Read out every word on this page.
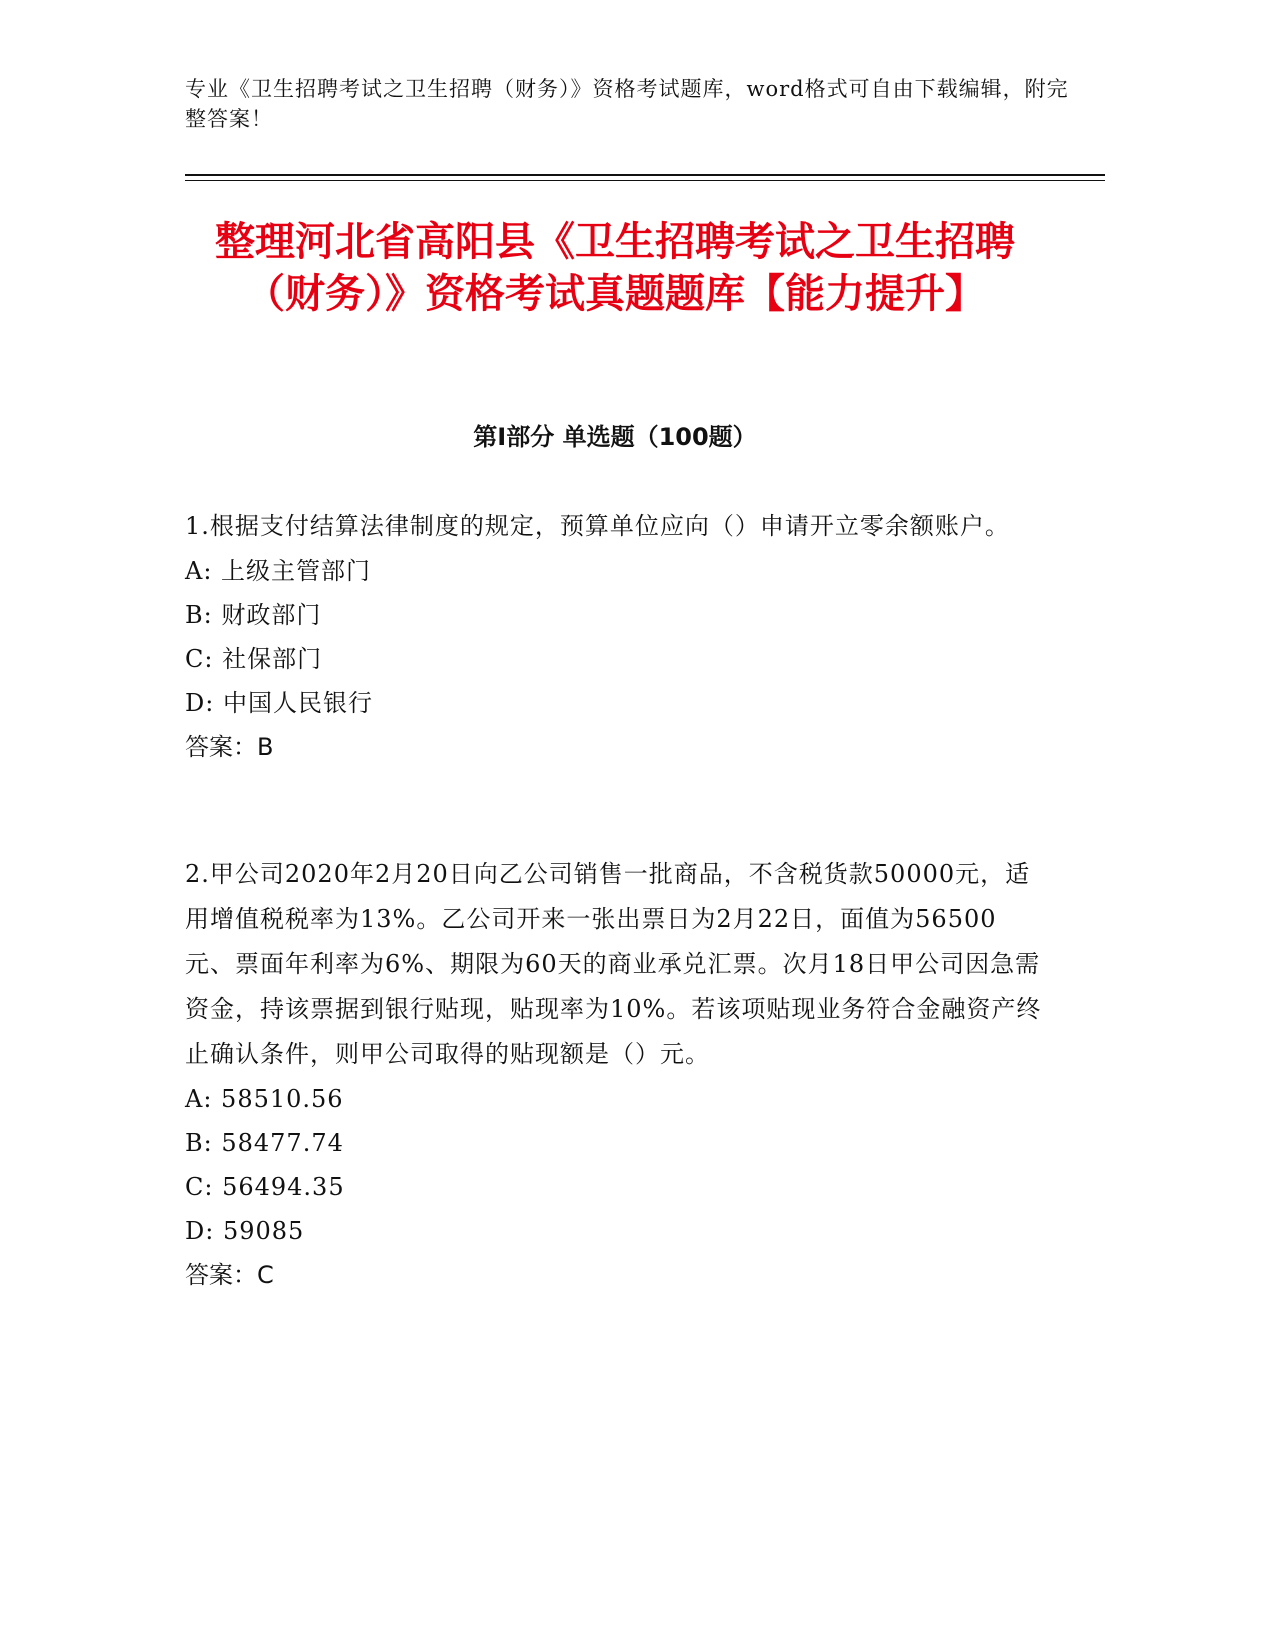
专业《卫生招聘考试之卫生招聘（财务）》资格考试题库，word格式可自由下载编辑，附完整答案！

整理河北省高阳县《卫生招聘考试之卫生招聘（财务）》资格考试真题题库【能力提升】
第I部分 单选题（100题）

1.根据支付结算法律制度的规定，预算单位应向（）申请开立零余额账户。

A: 上级主管部门

B: 财政部门

C: 社保部门

D: 中国人民银行

答案：B

2.甲公司2020年2月20日向乙公司销售一批商品，不含税货款50000元，适用增值税税率为13%。乙公司开来一张出票日为2月22日，面值为56500元、票面年利率为6%、期限为60天的商业承兑汇票。次月18日甲公司因急需资金，持该票据到银行贴现，贴现率为10%。若该项贴现业务符合金融资产终止确认条件，则甲公司取得的贴现额是（）元。

A: 58510.56

B: 58477.74

C: 56494.35

D: 59085

答案：C
